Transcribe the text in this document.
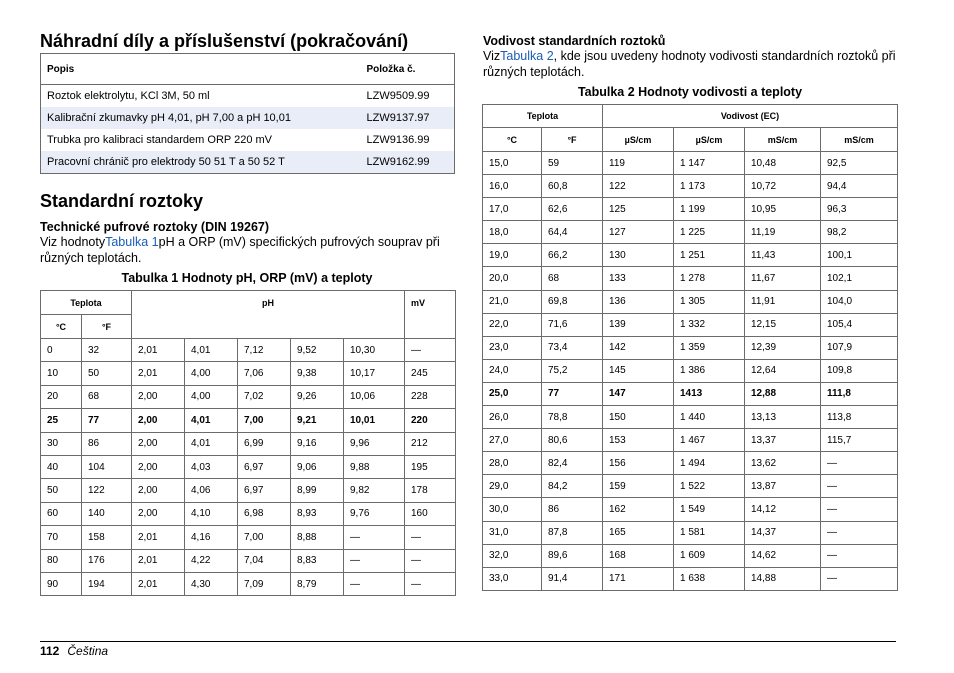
Náhradní díly a příslušenství (pokračování)
Popis	Položka č.
Roztok elektrolytu, KCl 3M, 50 ml	LZW9509.99
Kalibrační zkumavky pH 4,01, pH 7,00 a pH 10,01	LZW9137.97
Trubka pro kalibraci standardem ORP 220 mV	LZW9136.99
Pracovní chránič pro elektrody 50 51 T a 50 52 T	LZW9162.99
Standardní roztoky
Technické pufrové roztoky (DIN 19267)
Viz hodnotyTabulka 1pH a ORP (mV) specifických pufrových souprav při různých teplotách.
Tabulka 1 Hodnoty pH, ORP (mV) a teploty
Teplota		pH					mV
°C	°F						
0	32	2,01	4,01	7,12	9,52	10,30	—
10	50	2,01	4,00	7,06	9,38	10,17	245
20	68	2,00	4,00	7,02	9,26	10,06	228
25	77	2,00	4,01	7,00	9,21	10,01	220
30	86	2,00	4,01	6,99	9,16	9,96	212
40	104	2,00	4,03	6,97	9,06	9,88	195
50	122	2,00	4,06	6,97	8,99	9,82	178
60	140	2,00	4,10	6,98	8,93	9,76	160
70	158	2,01	4,16	7,00	8,88	—	—
80	176	2,01	4,22	7,04	8,83	—	—
90	194	2,01	4,30	7,09	8,79	—	—
Vodivost standardních roztoků
VizTabulka 2, kde jsou uvedeny hodnoty vodivosti standardních roztoků při různých teplotách.
Tabulka 2 Hodnoty vodivosti a teploty
Teplota		Vodivost (EC)			
°C	°F	µS/cm	µS/cm	mS/cm	mS/cm
15,0	59	119	1 147	10,48	92,5
16,0	60,8	122	1 173	10,72	94,4
17,0	62,6	125	1 199	10,95	96,3
18,0	64,4	127	1 225	11,19	98,2
19,0	66,2	130	1 251	11,43	100,1
20,0	68	133	1 278	11,67	102,1
21,0	69,8	136	1 305	11,91	104,0
22,0	71,6	139	1 332	12,15	105,4
23,0	73,4	142	1 359	12,39	107,9
24,0	75,2	145	1 386	12,64	109,8
25,0	77	147	1413	12,88	111,8
26,0	78,8	150	1 440	13,13	113,8
27,0	80,6	153	1 467	13,37	115,7
28,0	82,4	156	1 494	13,62	—
29,0	84,2	159	1 522	13,87	—
30,0	86	162	1 549	14,12	—
31,0	87,8	165	1 581	14,37	—
32,0	89,6	168	1 609	14,62	—
33,0	91,4	171	1 638	14,88	—
112 Čeština
